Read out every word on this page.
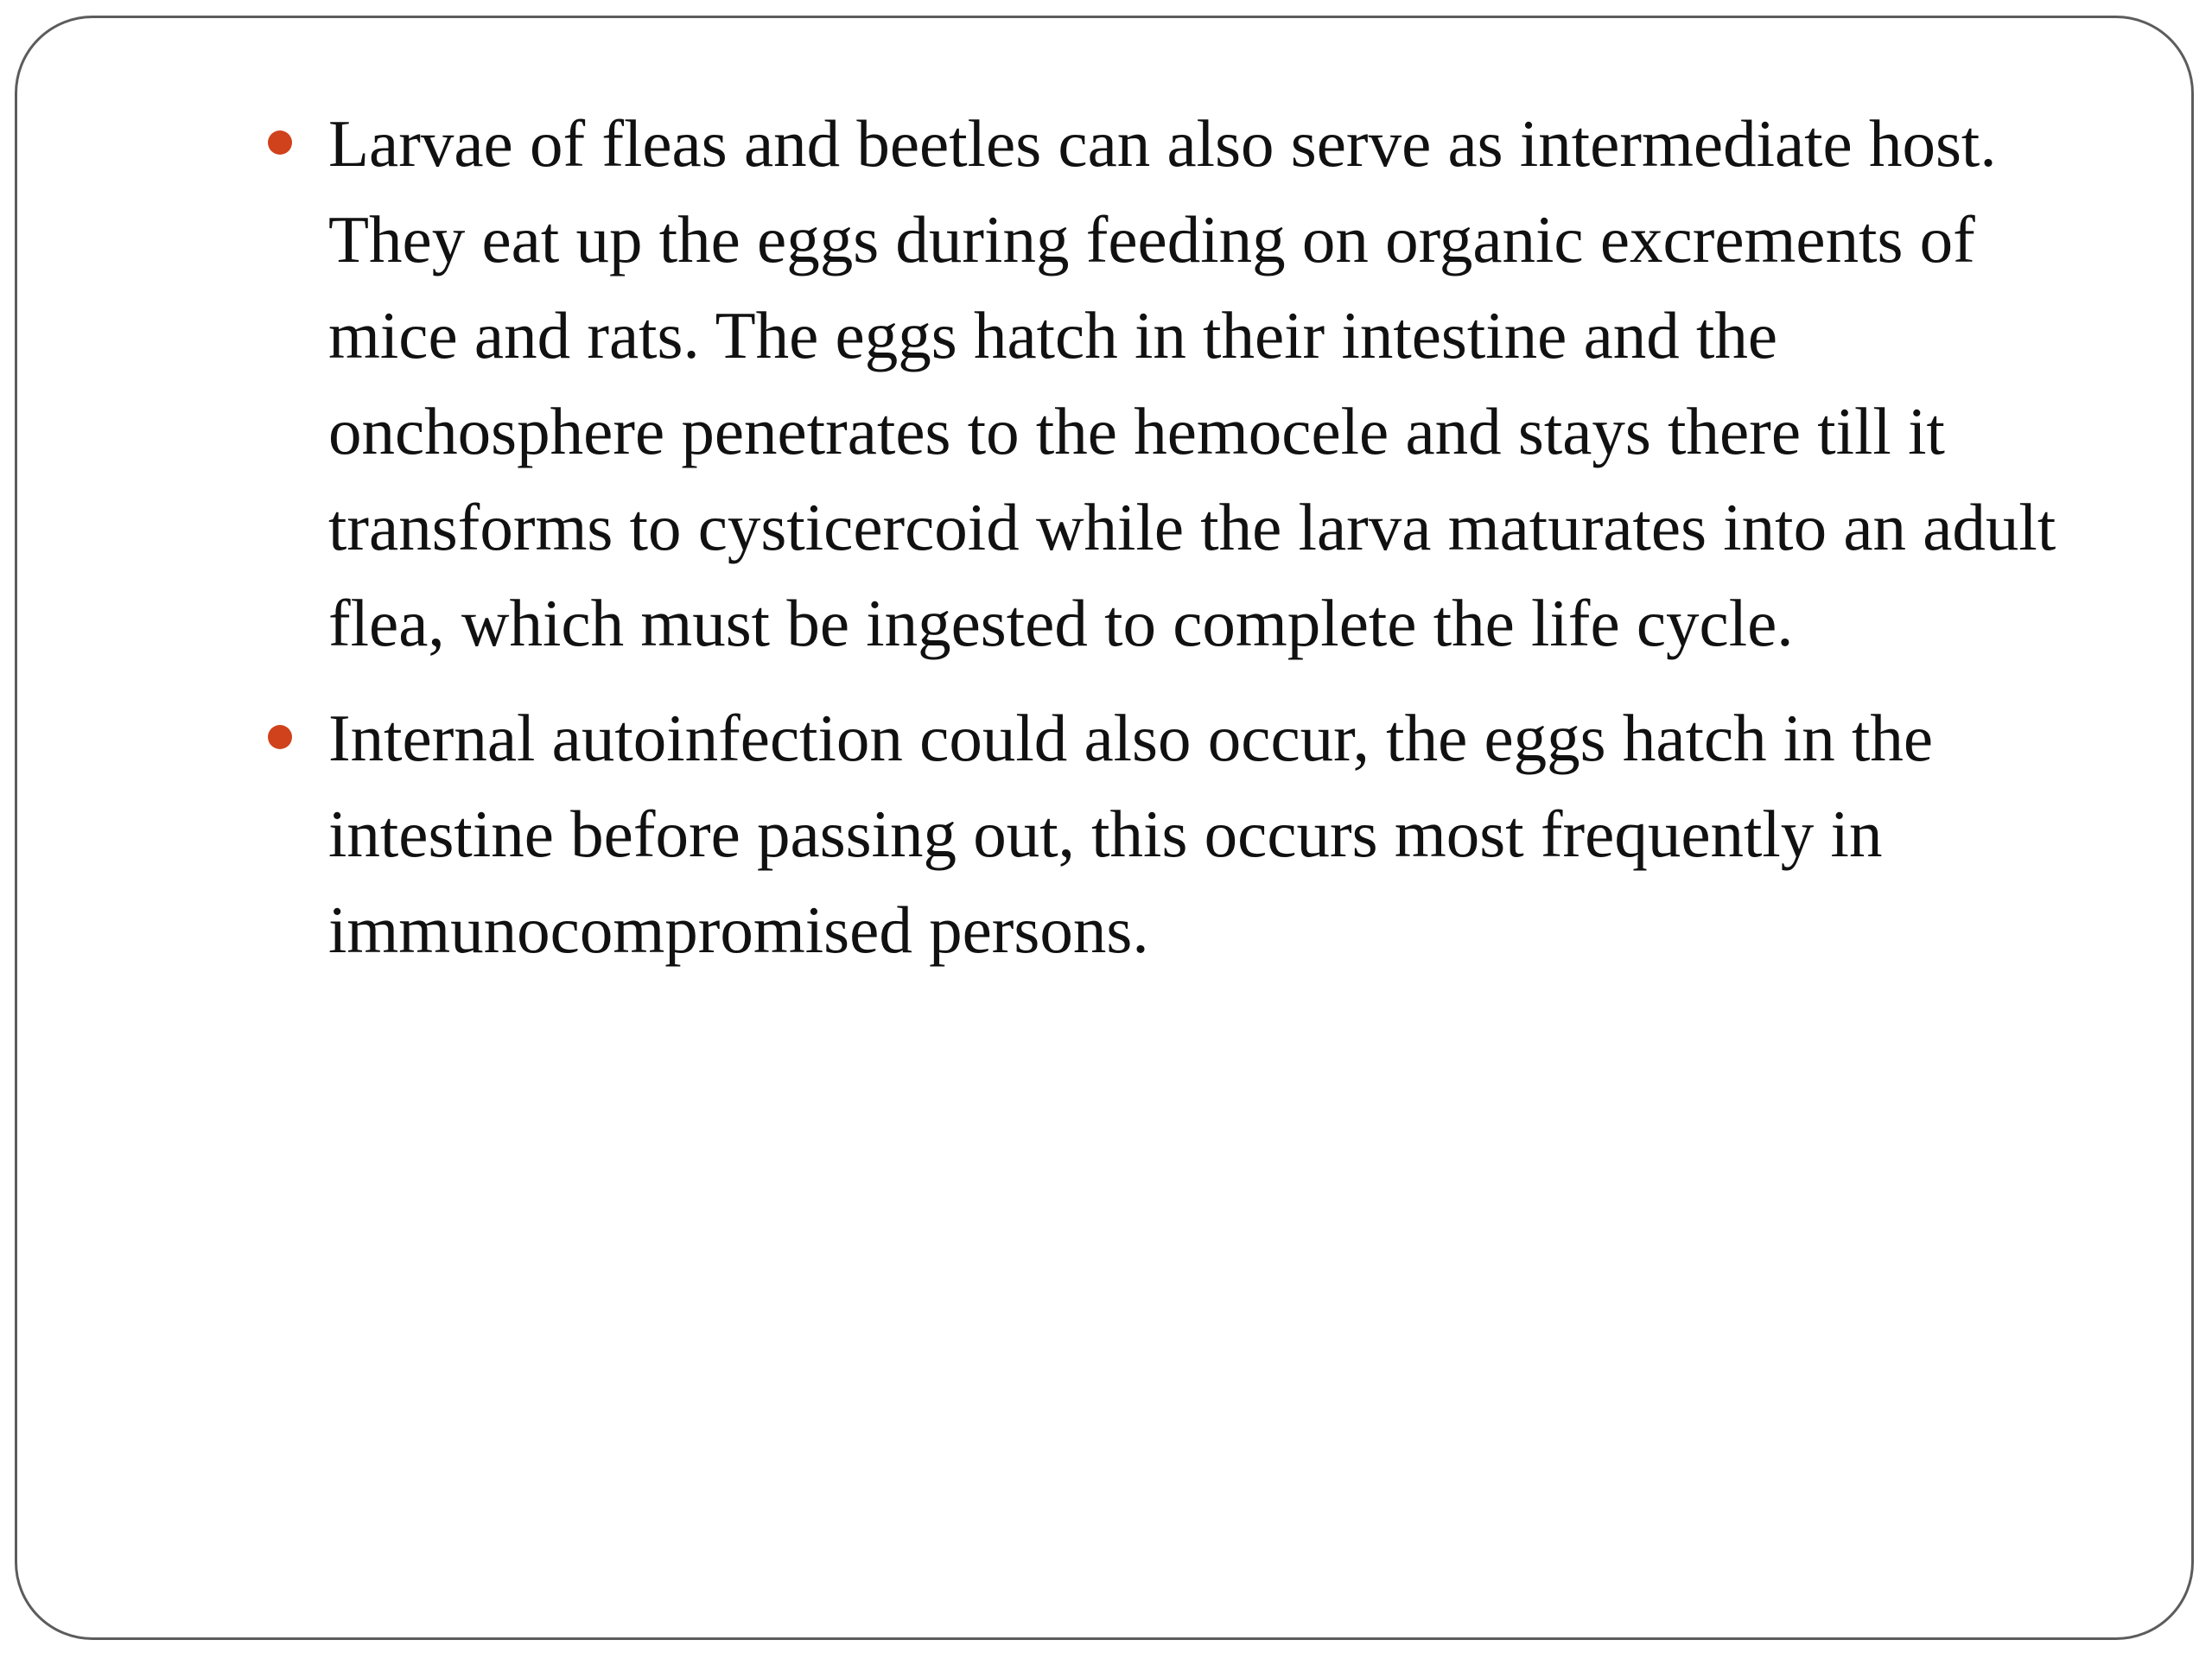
Larvae of fleas and beetles can also serve as intermediate host. They eat up the eggs during feeding on organic excrements of mice and rats. The eggs hatch in their intestine and the onchosphere penetrates to the hemocele and stays there till it transforms to cysticercoid while the larva maturates into an adult flea, which must be ingested to complete the life cycle.
Internal autoinfection could also occur, the eggs hatch in the intestine before passing out, this occurs most frequently in immunocompromised persons.
